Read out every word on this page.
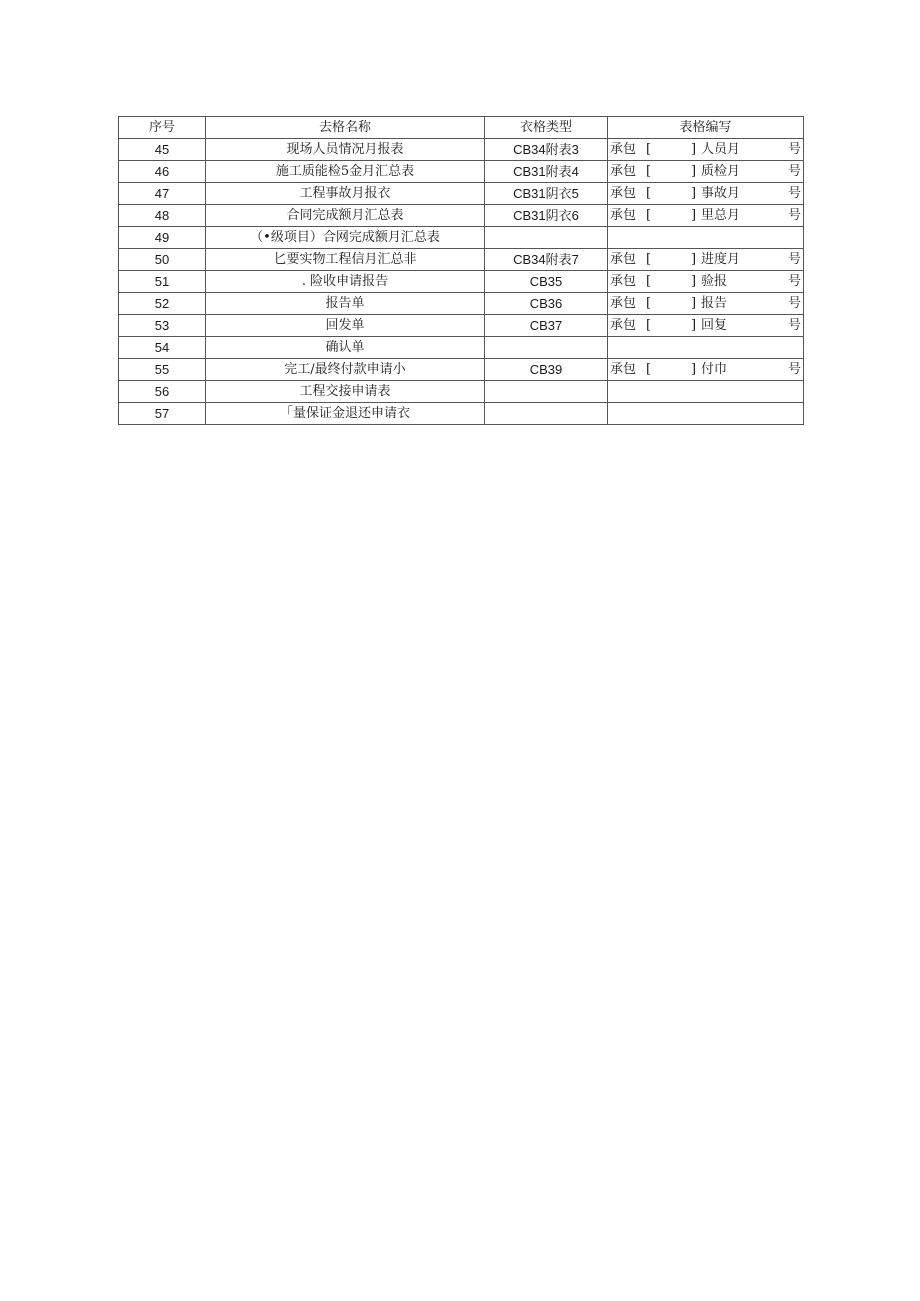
序号	去格名称	衣格类型	表格编写
45	现场人员情况月报表	CB34附表3	承包 [ ] 人员月 号

46	施工质能检5金月汇总表	CB31附表4	承包 [ ] 质检月 号

47	工程事故月报衣	CB31阴衣5	承包 [ ] 事故月 号

48	合同完成额月汇总表	CB31阴衣6	承包 [ ] 里总月 号

49	（•级项目）合网完成额月汇总表		
50	匕要实物工程信月汇总非	CB34附表7	承包 [ ] 进度月 号

51	. 险收申请报告	CB35	承包 [ ] 验报 号

52	报告单	CB36	承包 [ ] 报告 号

53	回发单	CB37	承包 [ ] 回复 号

54	确认单		
55	完工/最终付款申请小	CB39	承包 [ ] 付巾 号

56	工程交接申请表		
57	「量保证金退还申请衣		
